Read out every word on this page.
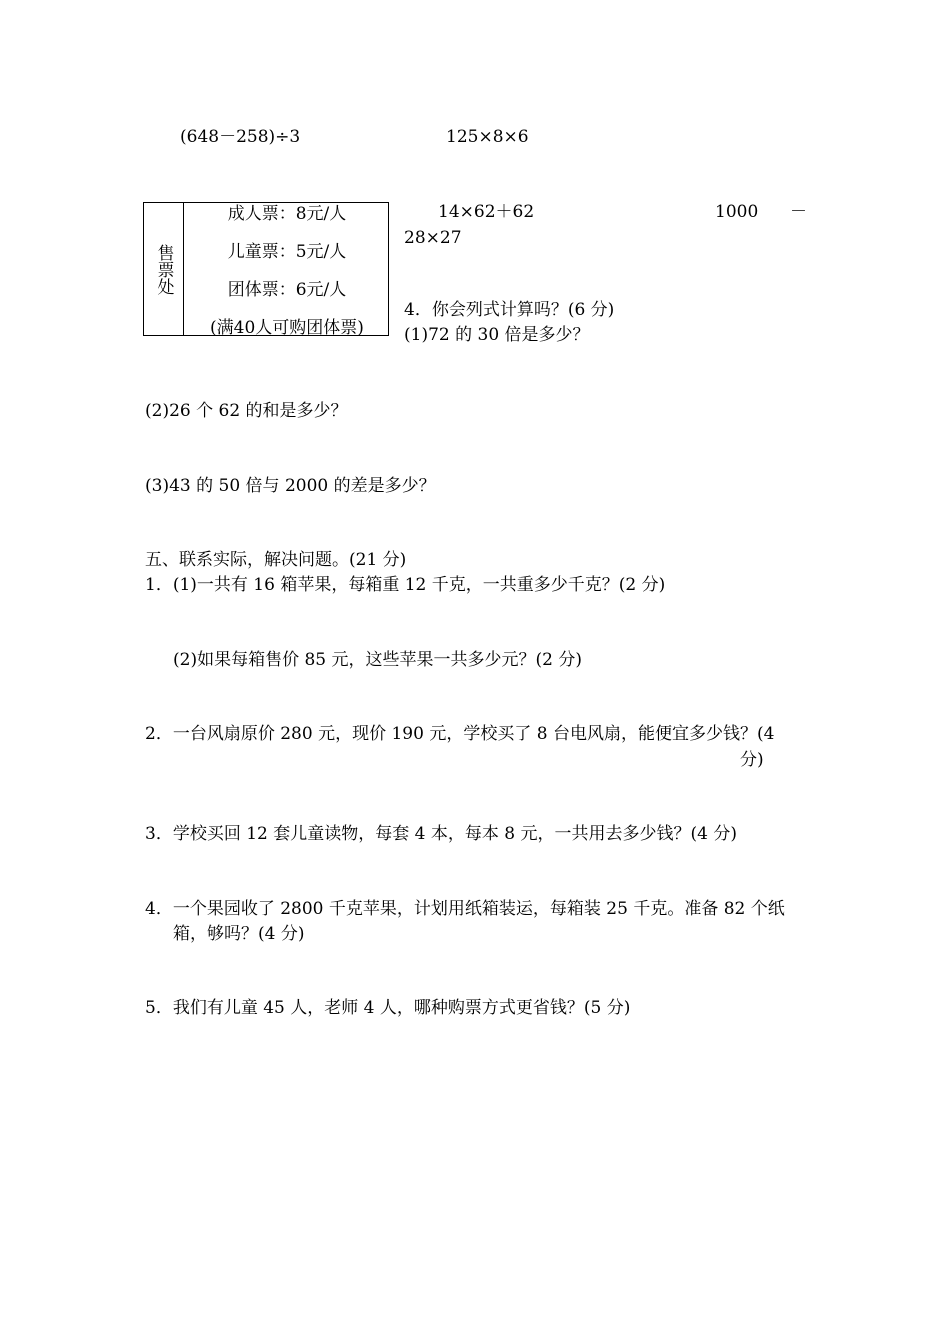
(648－258)÷3	125×8×6
售票处
成人票：8元/人
儿童票：5元/人
团体票：6元/人
(满40人可购团体票)
14×62＋62	1000 －
28×27
4．你会列式计算吗？(6 分)
(1)72 的 30 倍是多少？
(2)26 个 62 的和是多少？
(3)43 的 50 倍与 2000 的差是多少？
五、联系实际，解决问题。(21 分)
1．(1)一共有 16 箱苹果，每箱重 12 千克，一共重多少千克？(2 分)
(2)如果每箱售价 85 元，这些苹果一共多少元？(2 分)
2．一台风扇原价 280 元，现价 190 元，学校买了 8 台电风扇，能便宜多少钱？(4
分)
3．学校买回 12 套儿童读物，每套 4 本，每本 8 元，一共用去多少钱？(4 分)
4．一个果园收了 2800 千克苹果，计划用纸箱装运，每箱装 25 千克。准备 82 个纸
箱，够吗？(4 分)
5．我们有儿童 45 人，老师 4 人，哪种购票方式更省钱？(5 分)
